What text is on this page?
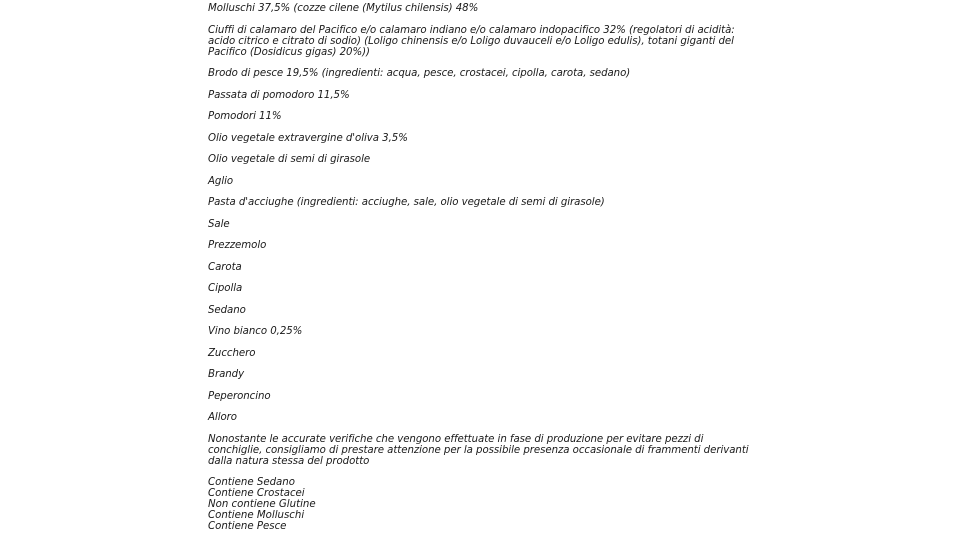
Molluschi 37,5% (cozze cilene (Mytilus chilensis) 48%

Ciuffi di calamaro del Pacifico e/o calamaro indiano e/o calamaro indopacifico 32% (regolatori di acidità: acido citrico e citrato di sodio) (Loligo chinensis e/o Loligo duvauceli e/o Loligo edulis), totani giganti del Pacifico (Dosidicus gigas) 20%))

Brodo di pesce 19,5% (ingredienti: acqua, pesce, crostacei, cipolla, carota, sedano)

Passata di pomodoro 11,5%

Pomodori 11%

Olio vegetale extravergine d'oliva 3,5%

Olio vegetale di semi di girasole

Aglio

Pasta d'acciughe (ingredienti: acciughe, sale, olio vegetale di semi di girasole)

Sale

Prezzemolo

Carota

Cipolla

Sedano

Vino bianco 0,25%

Zucchero

Brandy

Peperoncino

Alloro

Nonostante le accurate verifiche che vengono effettuate in fase di produzione per evitare pezzi di conchiglie, consigliamo di prestare attenzione per la possibile presenza occasionale di frammenti derivanti dalla natura stessa del prodotto

Contiene Sedano
Contiene Crostacei
Non contiene Glutine
Contiene Molluschi
Contiene Pesce
